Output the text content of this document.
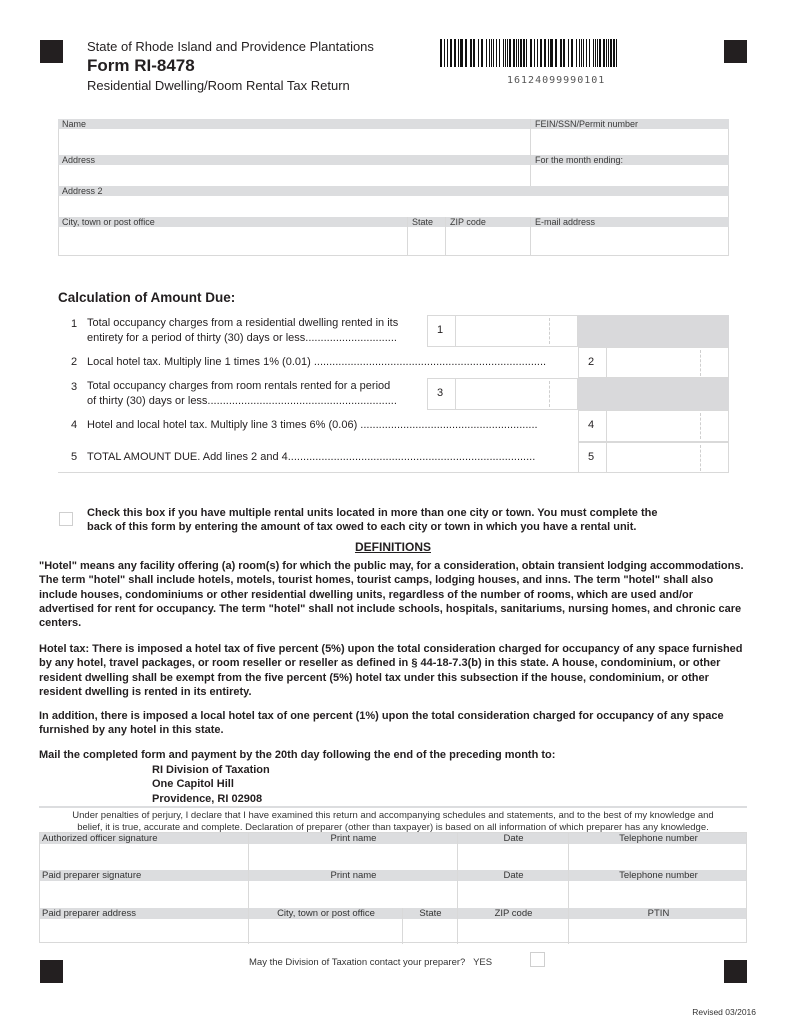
State of Rhode Island and Providence Plantations
Form RI-8478
Residential Dwelling/Room Rental Tax Return	16124099990101
Name	FEIN/SSN/Permit number
Address	For the month ending:
Address 2
City, town or post office	State	ZIP code	E-mail address
Calculation of Amount Due:
1 Total occupancy charges from a residential dwelling rented in its
entirety for a period of thirty (30) days or less..............................
1
2 Local hotel tax. Multiply line 1 times 1% (0.01) ............................................................................	2
3 Total occupancy charges from room rentals rented for a period
of thirty (30) days or less..............................................................
3
4 Hotel and local hotel tax. Multiply line 3 times 6% (0.06) ..........................................................	4
5 TOTAL AMOUNT DUE. Add lines 2 and 4.................................................................................	5
Check this box if you have multiple rental units located in more than one city or town. You must complete the
back of this form by entering the amount of tax owed to each city or town in which you have a rental unit.
DEFINITIONS
"Hotel" means any facility offering (a) room(s) for which the public may, for a consideration, obtain transient lodging accommodations. The term "hotel" shall include hotels, motels, tourist homes, tourist camps, lodging houses, and inns. The term "hotel" shall also include houses, condominiums or other residential dwelling units, regardless of the number of rooms, which are used and/or advertised for rent for occupancy. The term "hotel" shall not include schools, hospitals, sanitariums, nursing homes, and chronic care centers.
Hotel tax: There is imposed a hotel tax of five percent (5%) upon the total consideration charged for occupancy of any space furnished by any hotel, travel packages, or room reseller or reseller as defined in § 44-18-7.3(b) in this state. A house, condominium, or other resident dwelling shall be exempt from the five percent (5%) hotel tax under this subsection if the house, condominium, or other resident dwelling is rented in its entirety.
In addition, there is imposed a local hotel tax of one percent (1%) upon the total consideration charged for occupancy of any space furnished by any hotel in this state.
Mail the completed form and payment by the 20th day following the end of the preceding month to:
RI Division of Taxation
One Capitol Hill
Providence, RI 02908
Under penalties of perjury, I declare that I have examined this return and accompanying schedules and statements, and to the best of my knowledge and
belief, it is true, accurate and complete. Declaration of preparer (other than taxpayer) is based on all information of which preparer has any knowledge.
Authorized officer signature	Print name	Date	Telephone number
Paid preparer signature	Print name	Date	Telephone number
Paid preparer address	City, town or post office	State	ZIP code	PTIN
May the Division of Taxation contact your preparer? YES
Revised 03/2016
